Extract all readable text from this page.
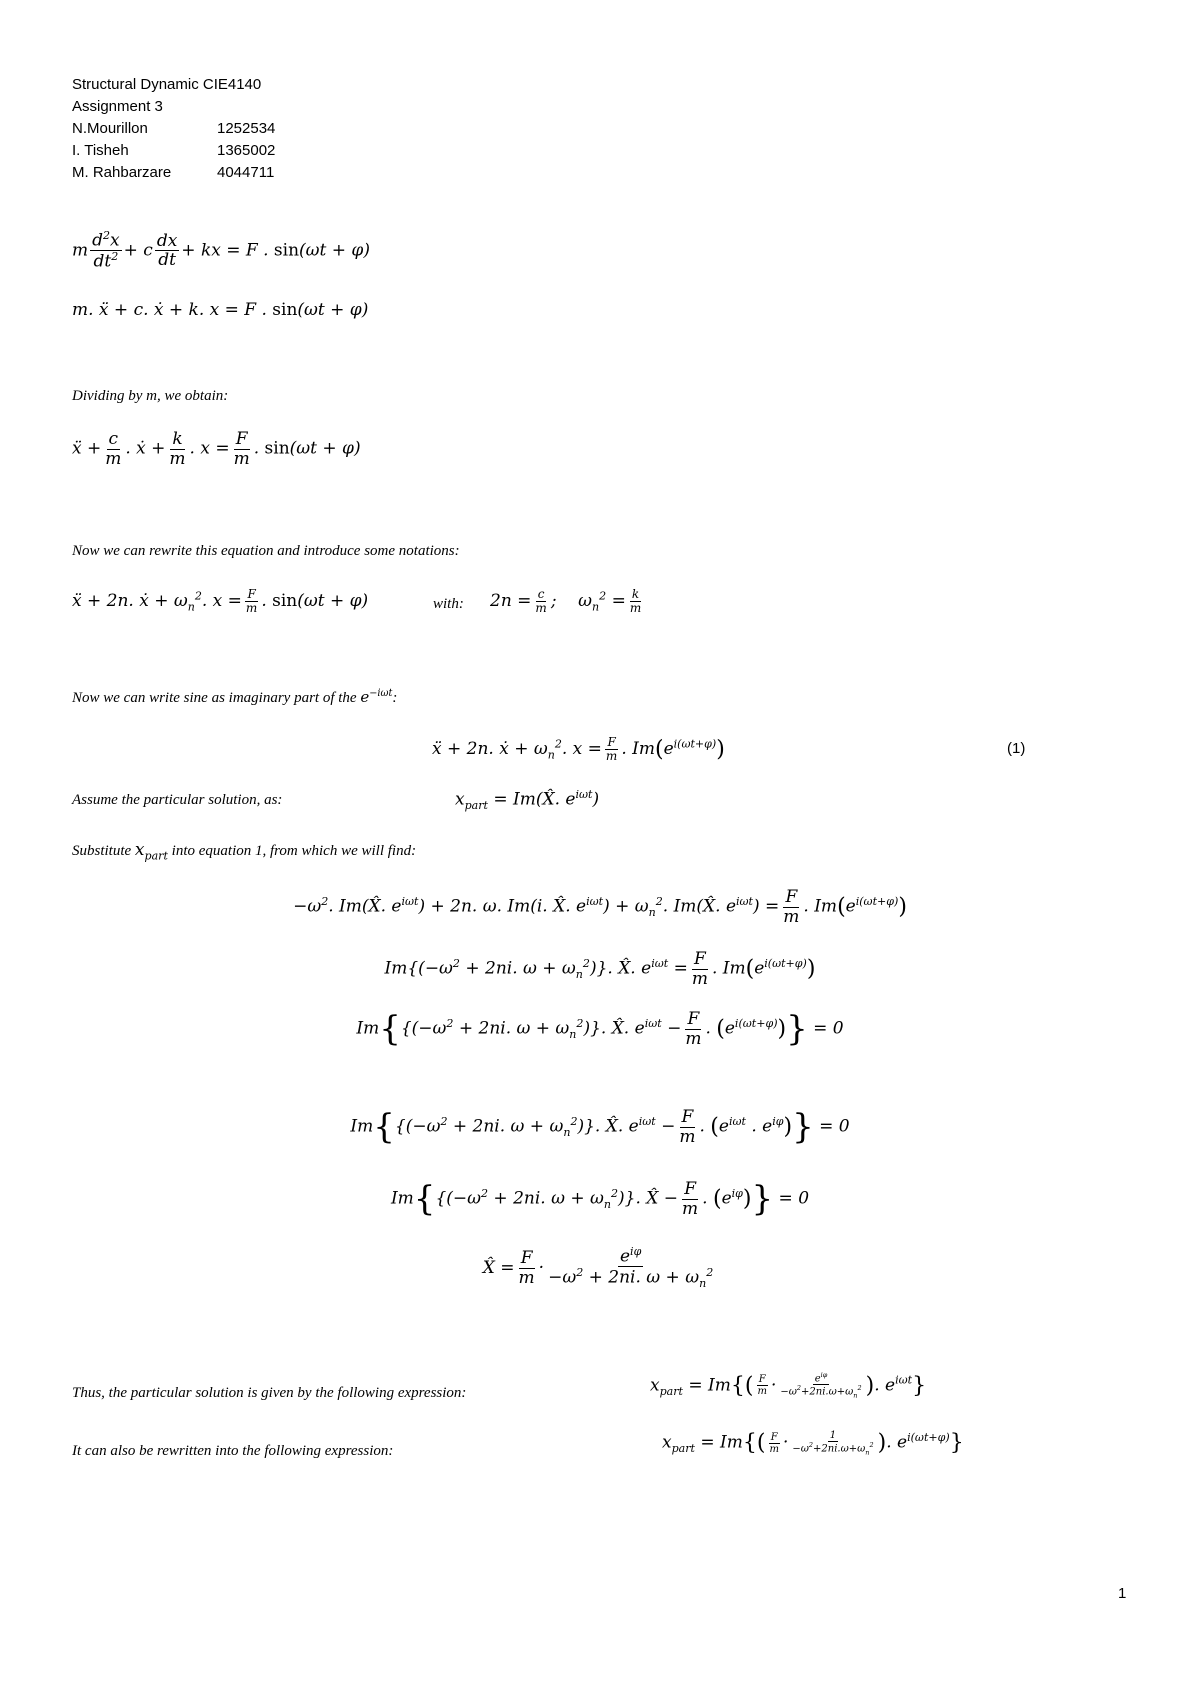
Structural Dynamic CIE4140
Assignment 3
N.Mourillon	1252534
I. Tisheh	1365002
M. Rahbarzare	4044711
m $\frac{d^2x}{dt^2} + c \frac{dx}{dt}$ + kx = F . sin(ωt + φ)
m. ẍ + c. ẋ + k. x = F . sin(ωt + φ)
Dividing by m, we obtain:
ẍ + $\frac{c}{m}$ . ẋ + $\frac{k}{m}$ . $x = \frac{F}{m}$ . sin(ωt + φ)
Now we can rewrite this equation and introduce some notations:
ẍ + 2n. ẋ + $\omega_n^2$. $x = \frac{F}{m}$ . sin(ωt + φ)	with: $2n = \frac{c}{m}$ ;    $\omega_n^2 = \frac{k}{m}$
Now we can write sine as imaginary part of the $e^{-i\omega t}$:
ẍ + 2n. ẋ + $\omega_n^2$. $x = \frac{F}{m}$ . $Im(e^{i(\omega t+\varphi)})$	(1)
Assume the particular solution, as:	$x_{part}$ = Im(X̂. $e^{i\omega t}$)
Substitute $x_{part}$ into equation 1, from which we will find:
$-\omega^2$. Im(X̂. $e^{i\omega t}) + 2n$. ω. Im(i. X̂. $e^{i\omega t}) + \omega_n^2$. Im(X̂. $e^{i\omega t}) = \frac{F}{m}$ . $Im(e^{i(\omega t+\varphi)})$
$Im\{(-\omega^2 + 2ni$. $\omega + \omega_n^2$)}. X̂. $e^{i\omega t} = \frac{F}{m}$ . $Im(e^{i(\omega t+\varphi)})$
$Im\{\{(-\omega^2 + 2ni$. $\omega + \omega_n^2$)}. X̂. $e^{i\omega t} - \frac{F}{m}$ . $(e^{i(\omega t+\varphi)})\} = 0$
$Im\{\{(-\omega^2 + 2ni$. $\omega + \omega_n^2$)}. X̂. $e^{i\omega t} - \frac{F}{m}$ . ($e^{i\omega t}$ . $e^{i\varphi})\} = 0$
$Im\{\{(-\omega^2 + 2ni$. $\omega + \omega_n^2$)}. X̂ − $\frac{F}{m}$ . $(e^{i\varphi})\} = 0$
X̂ = $\frac{F}{m} \cdot \frac{e^{i\varphi}}{-\omega^2 + 2ni. \omega + \omega_n^2}$
Thus, the particular solution is given by the following expression:	$x_{part} = Im\{( \frac{F}{m} \cdot \frac{e^{i\varphi}}{-\omega^2+2ni.\omega+\omega_n^2}$ ). $e^{i\omega t}$}
It can also be rewritten into the following expression:	$x_{part} = Im\{( \frac{F}{m} \cdot \frac{1}{-\omega^2+2ni.\omega+\omega_n^2}$ ). $e^{i(\omega t+\varphi)}$}
1
